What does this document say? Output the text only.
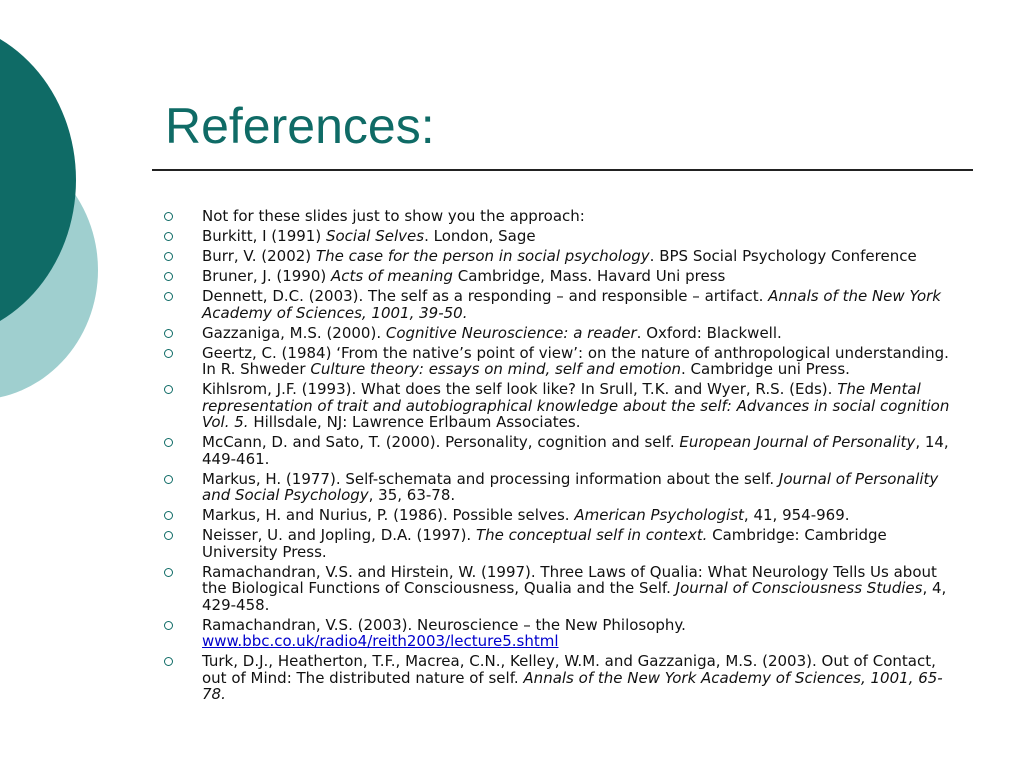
References:
Not for these slides just to show you the approach:
Burkitt, I (1991) Social Selves. London, Sage
Burr, V. (2002) The case for the person in social psychology. BPS Social Psychology Conference
Bruner, J. (1990) Acts of meaning Cambridge, Mass. Havard Uni press
Dennett, D.C. (2003). The self as a responding – and responsible – artifact. Annals of the New York Academy of Sciences, 1001, 39-50.
Gazzaniga, M.S. (2000). Cognitive Neuroscience: a reader. Oxford: Blackwell.
Geertz, C. (1984) ‘From the native’s point of view’: on the nature of anthropological understanding. In R. Shweder Culture theory: essays on mind, self and emotion. Cambridge uni Press.
Kihlsrom, J.F. (1993). What does the self look like? In Srull, T.K. and Wyer, R.S. (Eds). The Mental representation of trait and autobiographical knowledge about the self: Advances in social cognition Vol. 5. Hillsdale, NJ: Lawrence Erlbaum Associates.
McCann, D. and Sato, T. (2000). Personality, cognition and self. European Journal of Personality, 14, 449-461.
Markus, H. (1977). Self-schemata and processing information about the self. Journal of Personality and Social Psychology, 35, 63-78.
Markus, H. and Nurius, P. (1986). Possible selves. American Psychologist, 41, 954-969.
Neisser, U. and Jopling, D.A. (1997). The conceptual self in context. Cambridge: Cambridge University Press.
Ramachandran, V.S. and Hirstein, W. (1997). Three Laws of Qualia: What Neurology Tells Us about the Biological Functions of Consciousness, Qualia and the Self. Journal of Consciousness Studies, 4, 429-458.
Ramachandran, V.S. (2003). Neuroscience – the New Philosophy.
www.bbc.co.uk/radio4/reith2003/lecture5.shtml
Turk, D.J., Heatherton, T.F., Macrea, C.N., Kelley, W.M. and Gazzaniga, M.S. (2003). Out of Contact, out of Mind: The distributed nature of self. Annals of the New York Academy of Sciences, 1001, 65-78.
